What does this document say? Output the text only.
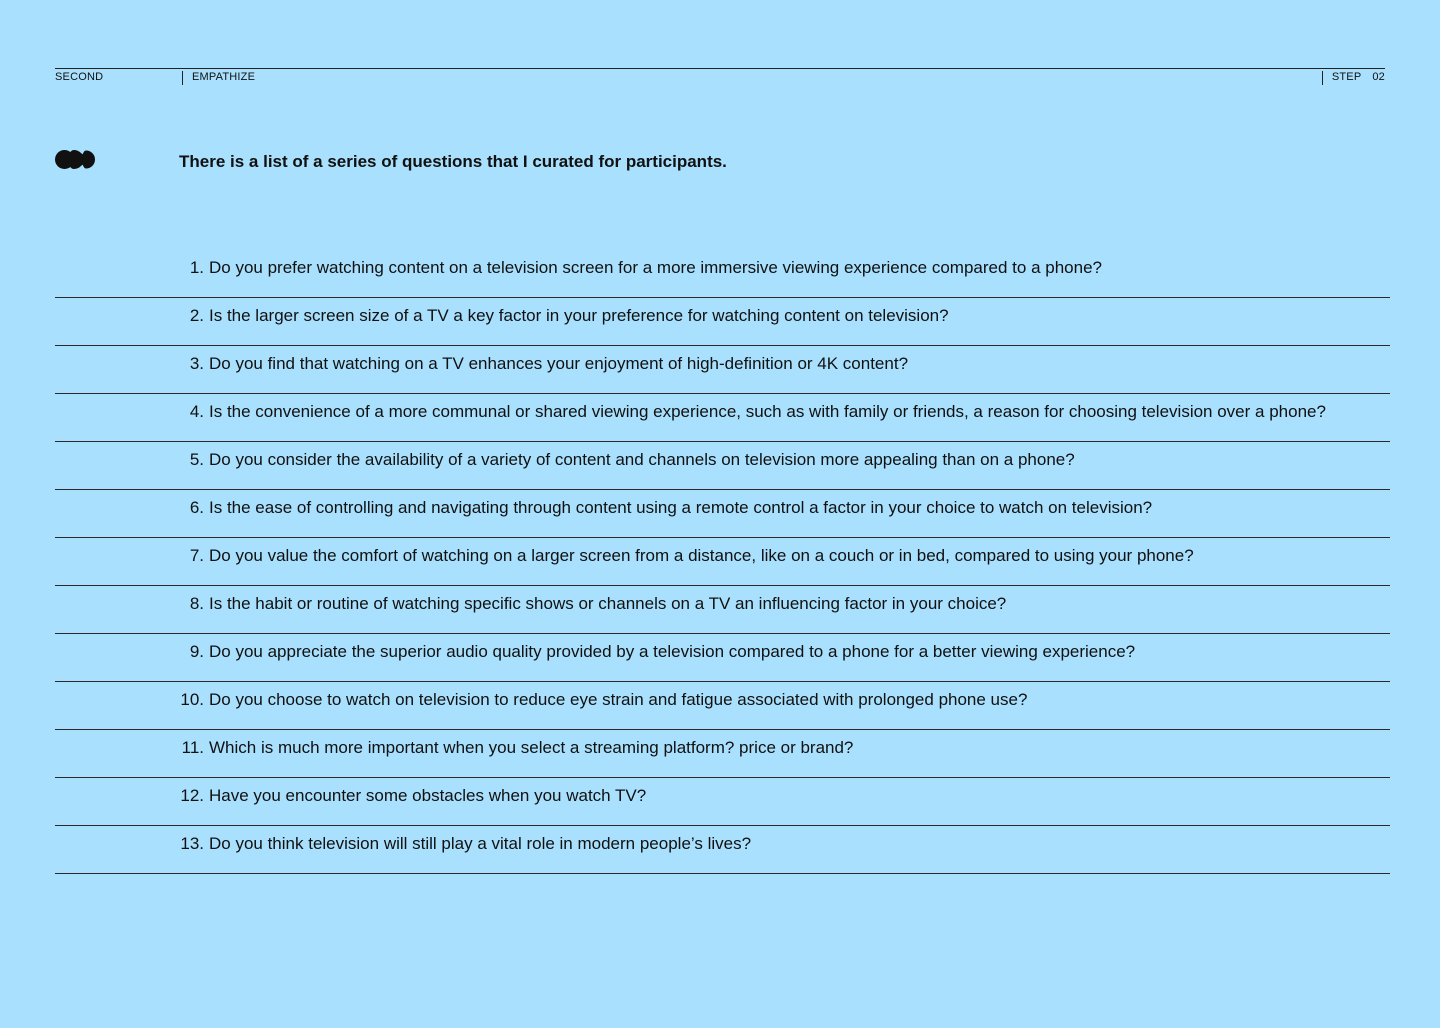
SECOND	EMPATHIZE	STEP 02
There is a list of a series of questions that I curated for participants.
1. Do you prefer watching content on a television screen for a more immersive viewing experience compared to a phone?
2. Is the larger screen size of a TV a key factor in your preference for watching content on television?
3. Do you find that watching on a TV enhances your enjoyment of high-definition or 4K content?
4. Is the convenience of a more communal or shared viewing experience, such as with family or friends, a reason for choosing television over a phone?
5. Do you consider the availability of a variety of content and channels on television more appealing than on a phone?
6. Is the ease of controlling and navigating through content using a remote control a factor in your choice to watch on television?
7. Do you value the comfort of watching on a larger screen from a distance, like on a couch or in bed, compared to using your phone?
8. Is the habit or routine of watching specific shows or channels on a TV an influencing factor in your choice?
9. Do you appreciate the superior audio quality provided by a television compared to a phone for a better viewing experience?
10. Do you choose to watch on television to reduce eye strain and fatigue associated with prolonged phone use?
11. Which is much more important when you select a streaming platform? price or brand?
12. Have you encounter some obstacles when you watch TV?
13. Do you think television will still play a vital role in modern people’s lives?
